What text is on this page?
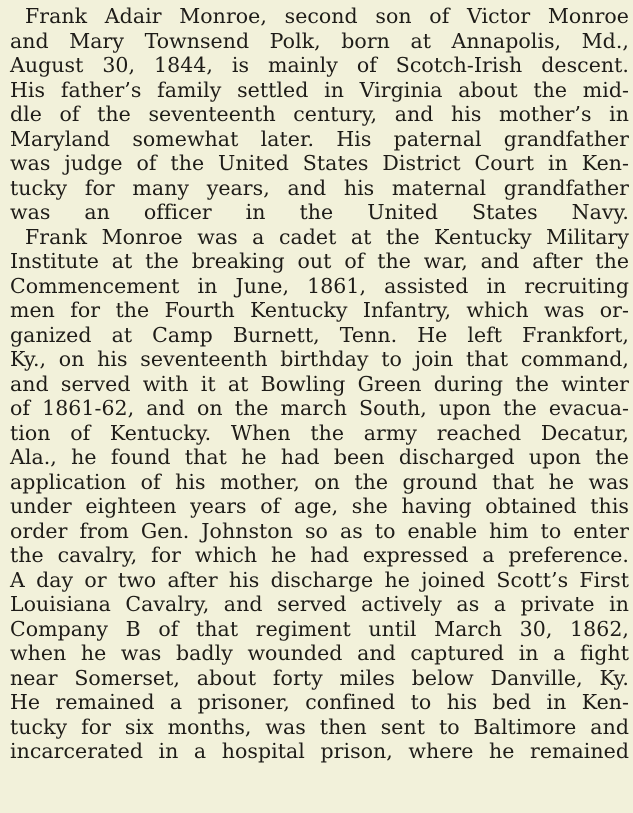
Frank Adair Monroe, second son of Victor Monroe
and Mary Townsend Polk, born at Annapolis, Md.,
August 30, 1844, is mainly of Scotch-Irish descent.
His father’s family settled in Virginia about the mid-
dle of the seventeenth century, and his mother’s in
Maryland somewhat later. His paternal grandfather
was judge of the United States District Court in Ken-
tucky for many years, and his maternal grandfather
was an officer in the United States Navy.
Frank Monroe was a cadet at the Kentucky Military
Institute at the breaking out of the war, and after the
Commencement in June, 1861, assisted in recruiting
men for the Fourth Kentucky Infantry, which was or-
ganized at Camp Burnett, Tenn. He left Frankfort,
Ky., on his seventeenth birthday to join that command,
and served with it at Bowling Green during the winter
of 1861-62, and on the march South, upon the evacua-
tion of Kentucky. When the army reached Decatur,
Ala., he found that he had been discharged upon the
application of his mother, on the ground that he was
under eighteen years of age, she having obtained this
order from Gen. Johnston so as to enable him to enter
the cavalry, for which he had expressed a preference.
A day or two after his discharge he joined Scott’s First
Louisiana Cavalry, and served actively as a private in
Company B of that regiment until March 30, 1862,
when he was badly wounded and captured in a fight
near Somerset, about forty miles below Danville, Ky.
He remained a prisoner, confined to his bed in Ken-
tucky for six months, was then sent to Baltimore and
incarcerated in a hospital prison, where he remained
